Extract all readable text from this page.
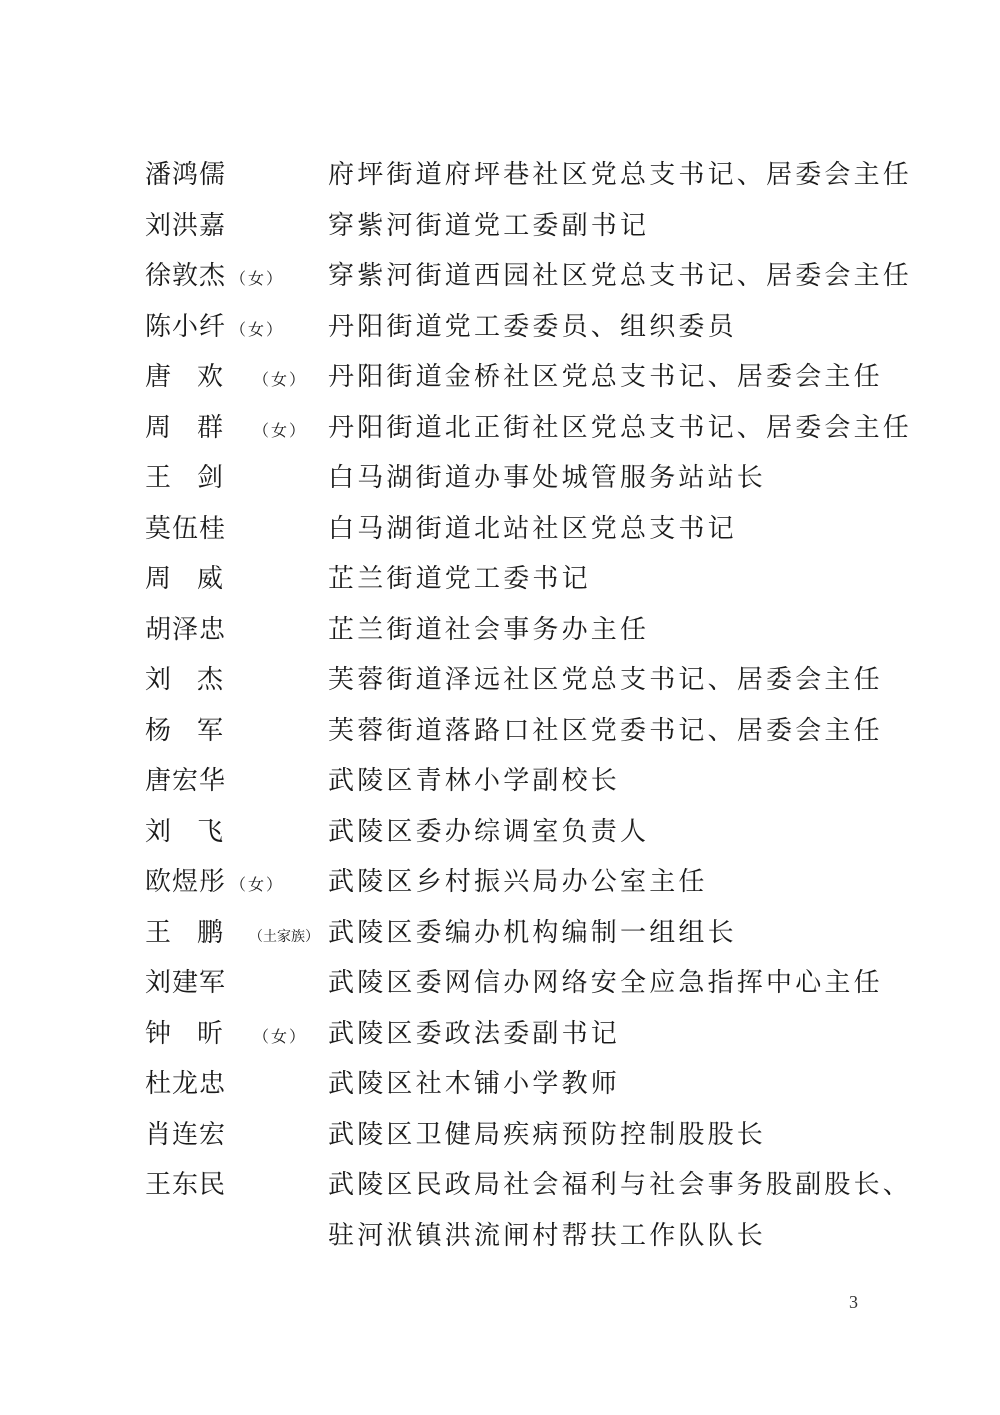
潘鸿儒	府坪街道府坪巷社区党总支书记、居委会主任
刘洪嘉	穿紫河街道党工委副书记
徐敦杰 （女）	穿紫河街道西园社区党总支书记、居委会主任
陈小纤 （女）	丹阳街道党工委委员、组织委员
唐欢 （女） 丹阳街道金桥社区党总支书记、居委会主任
周群 （女） 丹阳街道北正街社区党总支书记、居委会主任
王剑	白马湖街道办事处城管服务站站长
莫伍桂	白马湖街道北站社区党总支书记
周威	芷兰街道党工委书记
胡泽忠	芷兰街道社会事务办主任
刘杰	芙蓉街道泽远社区党总支书记、居委会主任
杨军	芙蓉街道落路口社区党委书记、居委会主任
唐宏华	武陵区青林小学副校长
刘飞	武陵区委办综调室负责人
欧煜彤 （女）	武陵区乡村振兴局办公室主任
王鹏（土家族） 武陵区委编办机构编制一组组长
刘建军	武陵区委网信办网络安全应急指挥中心主任
钟昕 （女） 武陵区委政法委副书记
杜龙忠	武陵区社木铺小学教师
肖连宏	武陵区卫健局疾病预防控制股股长
王东民	武陵区民政局社会福利与社会事务股副股长、
驻河洑镇洪流闸村帮扶工作队队长
3
